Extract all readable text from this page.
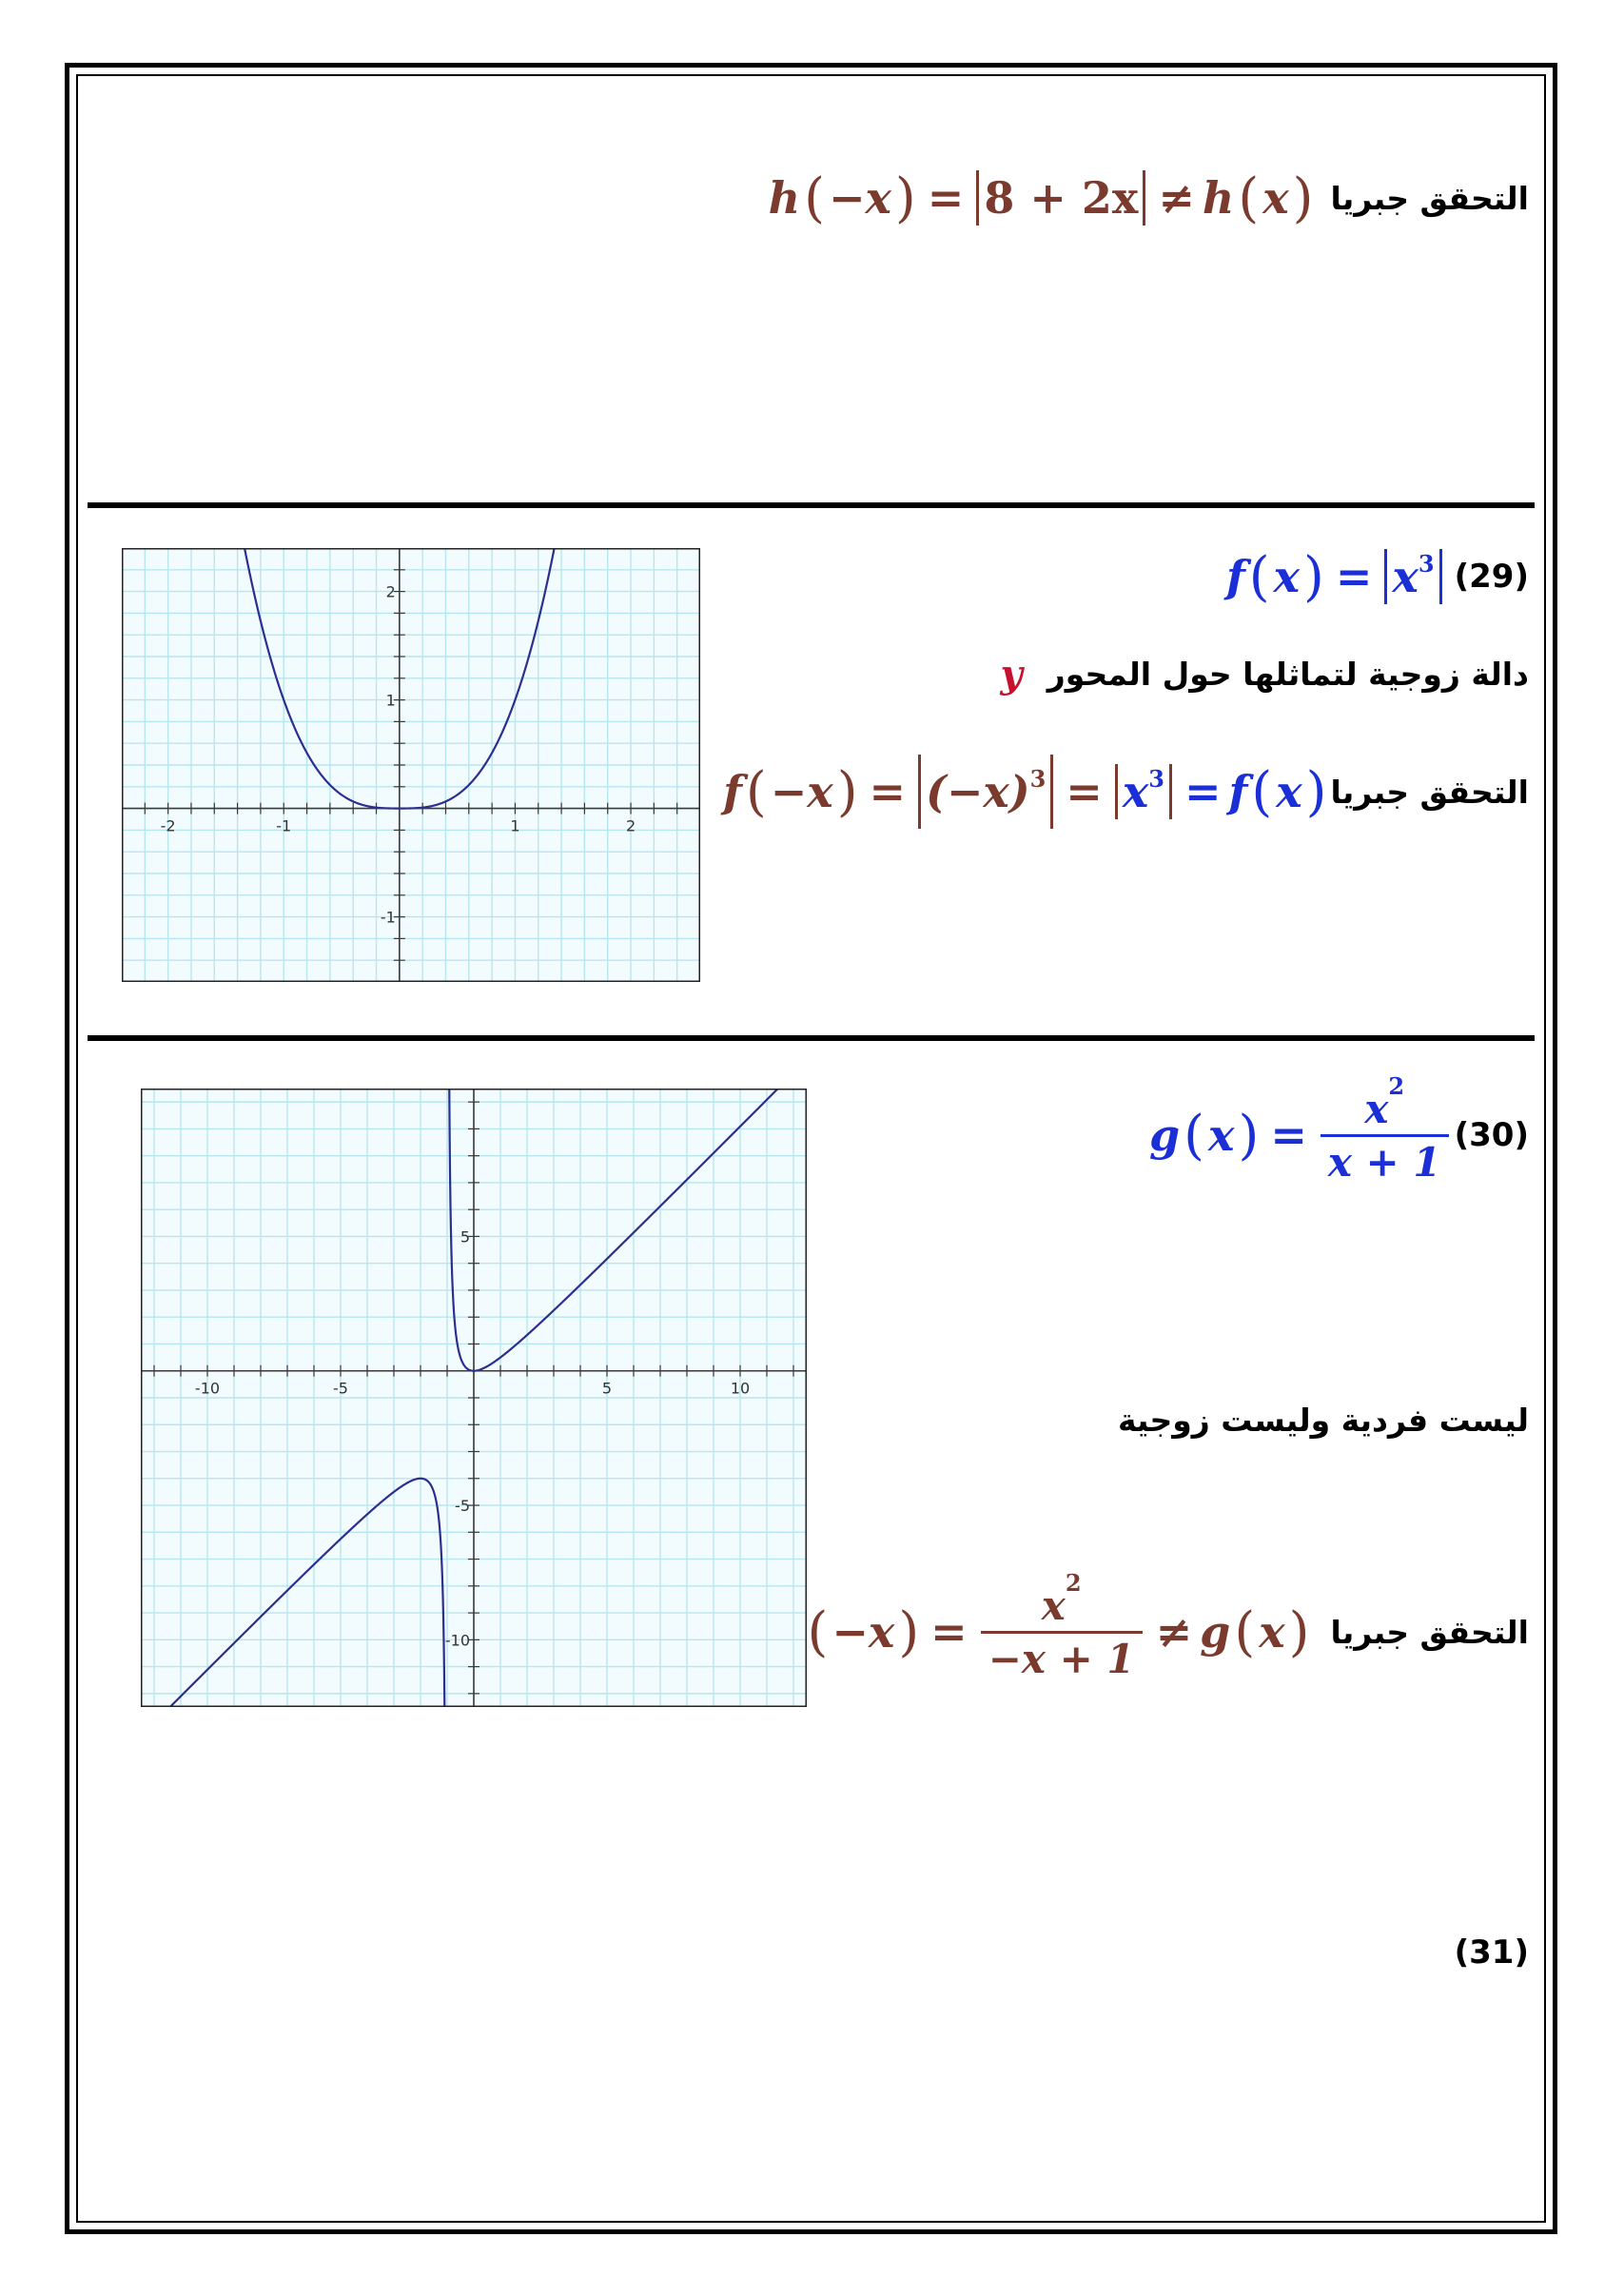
التحقق جبريا
h ( −x ) = 8 + 2x ≠ h ( x )
(29)
f ( x ) = x 3
دالة زوجية لتماثلها حول المحور
y
التحقق جبريا
f ( −x ) = (−x) 3 = x 3 = f ( x )
-2	-1	1	2
2
1
-1
(30)
g ( x ) = $\frac{x^2}{x + 1}$
ليست فردية وليست زوجية
التحقق جبريا
( −x ) = $\frac{x^2}{-x + 1} \ne g$ ( x )
-10	-5	5	10
5
-5
-10
(31)
